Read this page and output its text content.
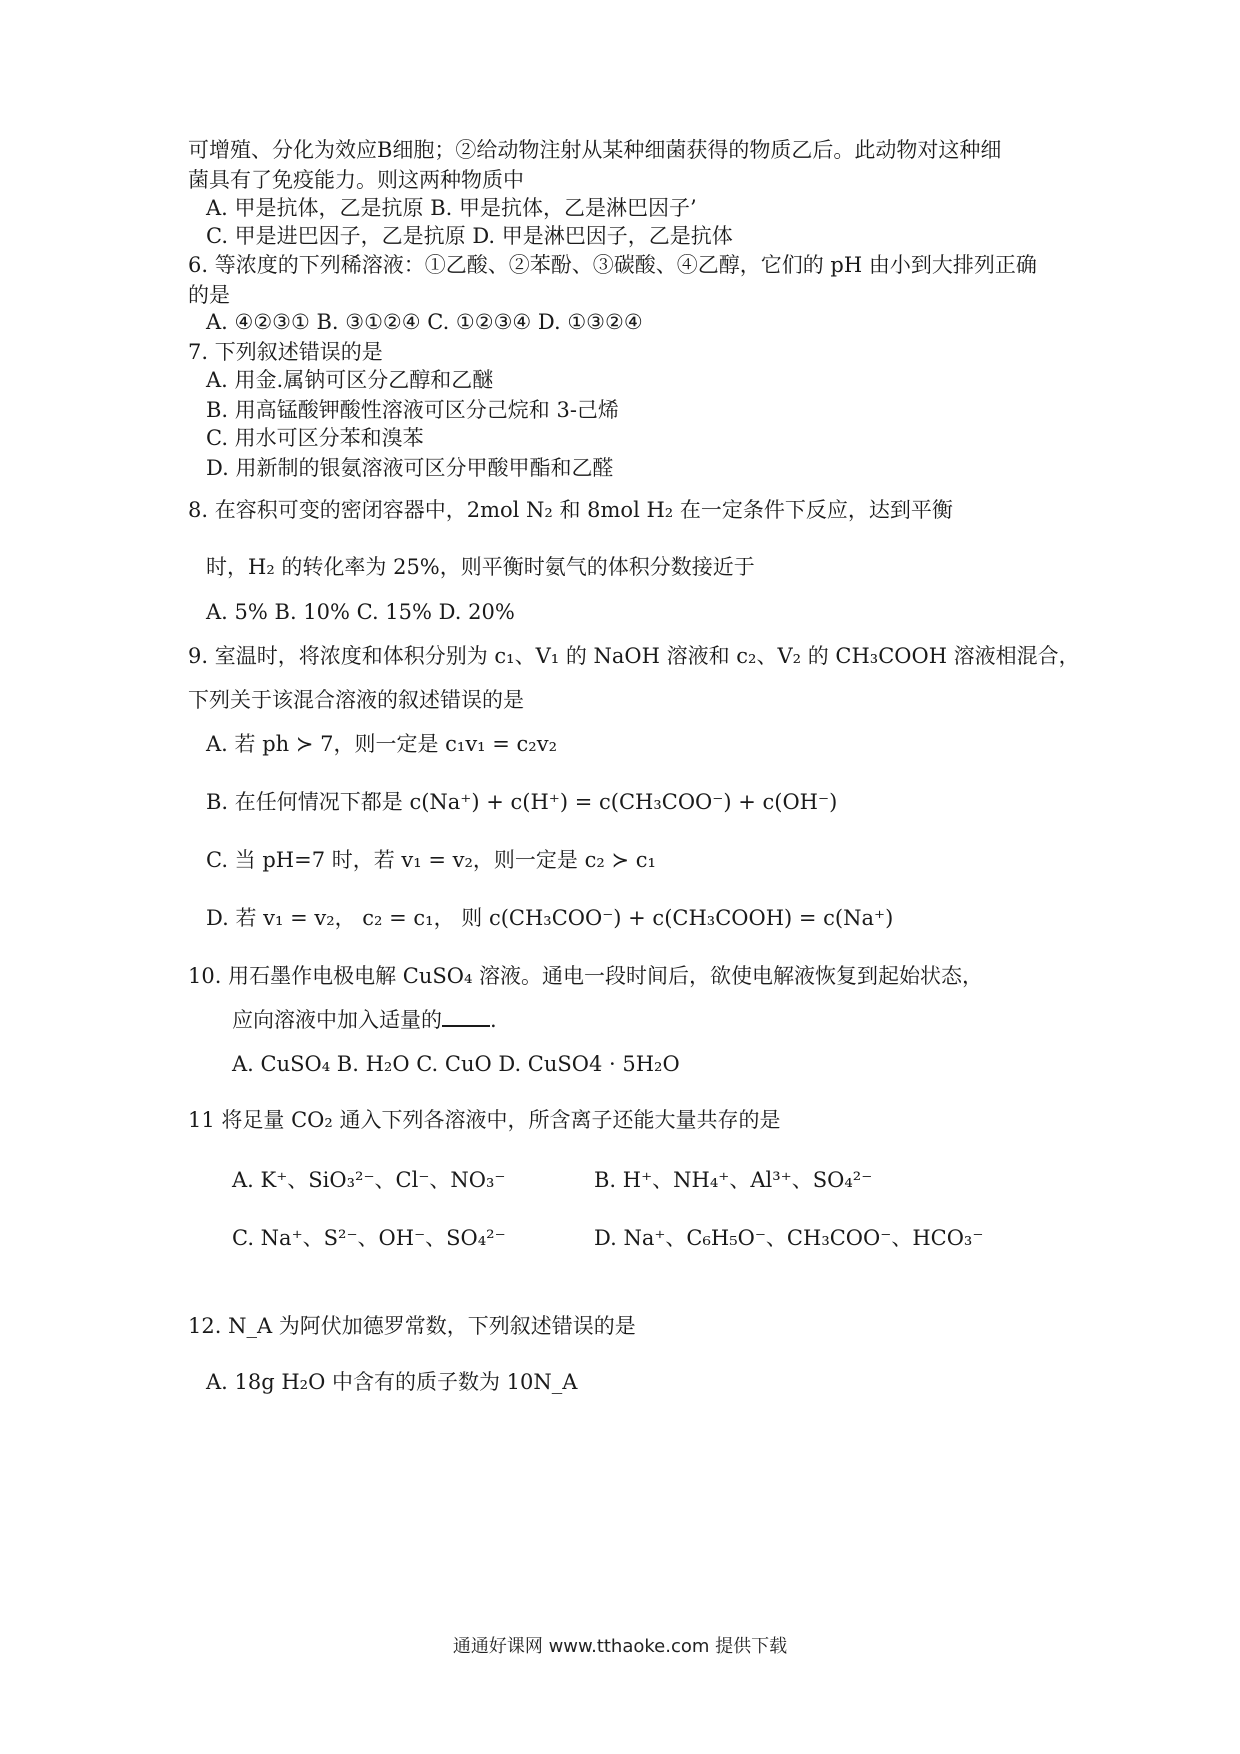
可增殖、分化为效应B细胞；②给动物注射从某种细菌获得的物质乙后。此动物对这种细
菌具有了免疫能力。则这两种物质中
A. 甲是抗体，乙是抗原 B. 甲是抗体，乙是淋巴因子’
C. 甲是进巴因子，乙是抗原 D. 甲是淋巴因子，乙是抗体
6. 等浓度的下列稀溶液：①乙酸、②苯酚、③碳酸、④乙醇，它们的 pH 由小到大排列正确
的是
A. ④②③① B. ③①②④ C. ①②③④ D. ①③②④
7. 下列叙述错误的是
A. 用金.属钠可区分乙醇和乙醚
B. 用高锰酸钾酸性溶液可区分己烷和 3-己烯
C. 用水可区分苯和溴苯
D. 用新制的银氨溶液可区分甲酸甲酯和乙醛
8. 在容积可变的密闭容器中，2mol N₂ 和 8mol H₂ 在一定条件下反应，达到平衡
时，H₂ 的转化率为 25%，则平衡时氨气的体积分数接近于
A. 5% B. 10% C. 15% D. 20%
9. 室温时，将浓度和体积分别为 c₁、V₁ 的 NaOH 溶液和 c₂、V₂ 的 CH₃COOH 溶液相混合，
下列关于该混合溶液的叙述错误的是
A. 若 ph ≻ 7，则一定是 c₁v₁ = c₂v₂
B. 在任何情况下都是 c(Na⁺) + c(H⁺) = c(CH₃COO⁻) + c(OH⁻)
C. 当 pH=7 时，若 v₁ = v₂，则一定是 c₂ ≻ c₁
D. 若 v₁ = v₂， c₂ = c₁， 则 c(CH₃COO⁻) + c(CH₃COOH) = c(Na⁺)
10. 用石墨作电极电解 CuSO₄ 溶液。通电一段时间后，欲使电解液恢复到起始状态，
应向溶液中加入适量的 .
A. CuSO₄ B. H₂O C. CuO D. CuSO4 · 5H₂O
11 将足量 CO₂ 通入下列各溶液中，所含离子还能大量共存的是
A. K⁺、SiO₃²⁻、Cl⁻、NO₃⁻	B. H⁺、NH₄⁺、Al³⁺、SO₄²⁻
C. Na⁺、S²⁻、OH⁻、SO₄²⁻	D. Na⁺、C₆H₅O⁻、CH₃COO⁻、HCO₃⁻
12. N_A 为阿伏加德罗常数，下列叙述错误的是
A. 18g H₂O 中含有的质子数为 10N_A
通通好课网 www.tthaoke.com 提供下载
